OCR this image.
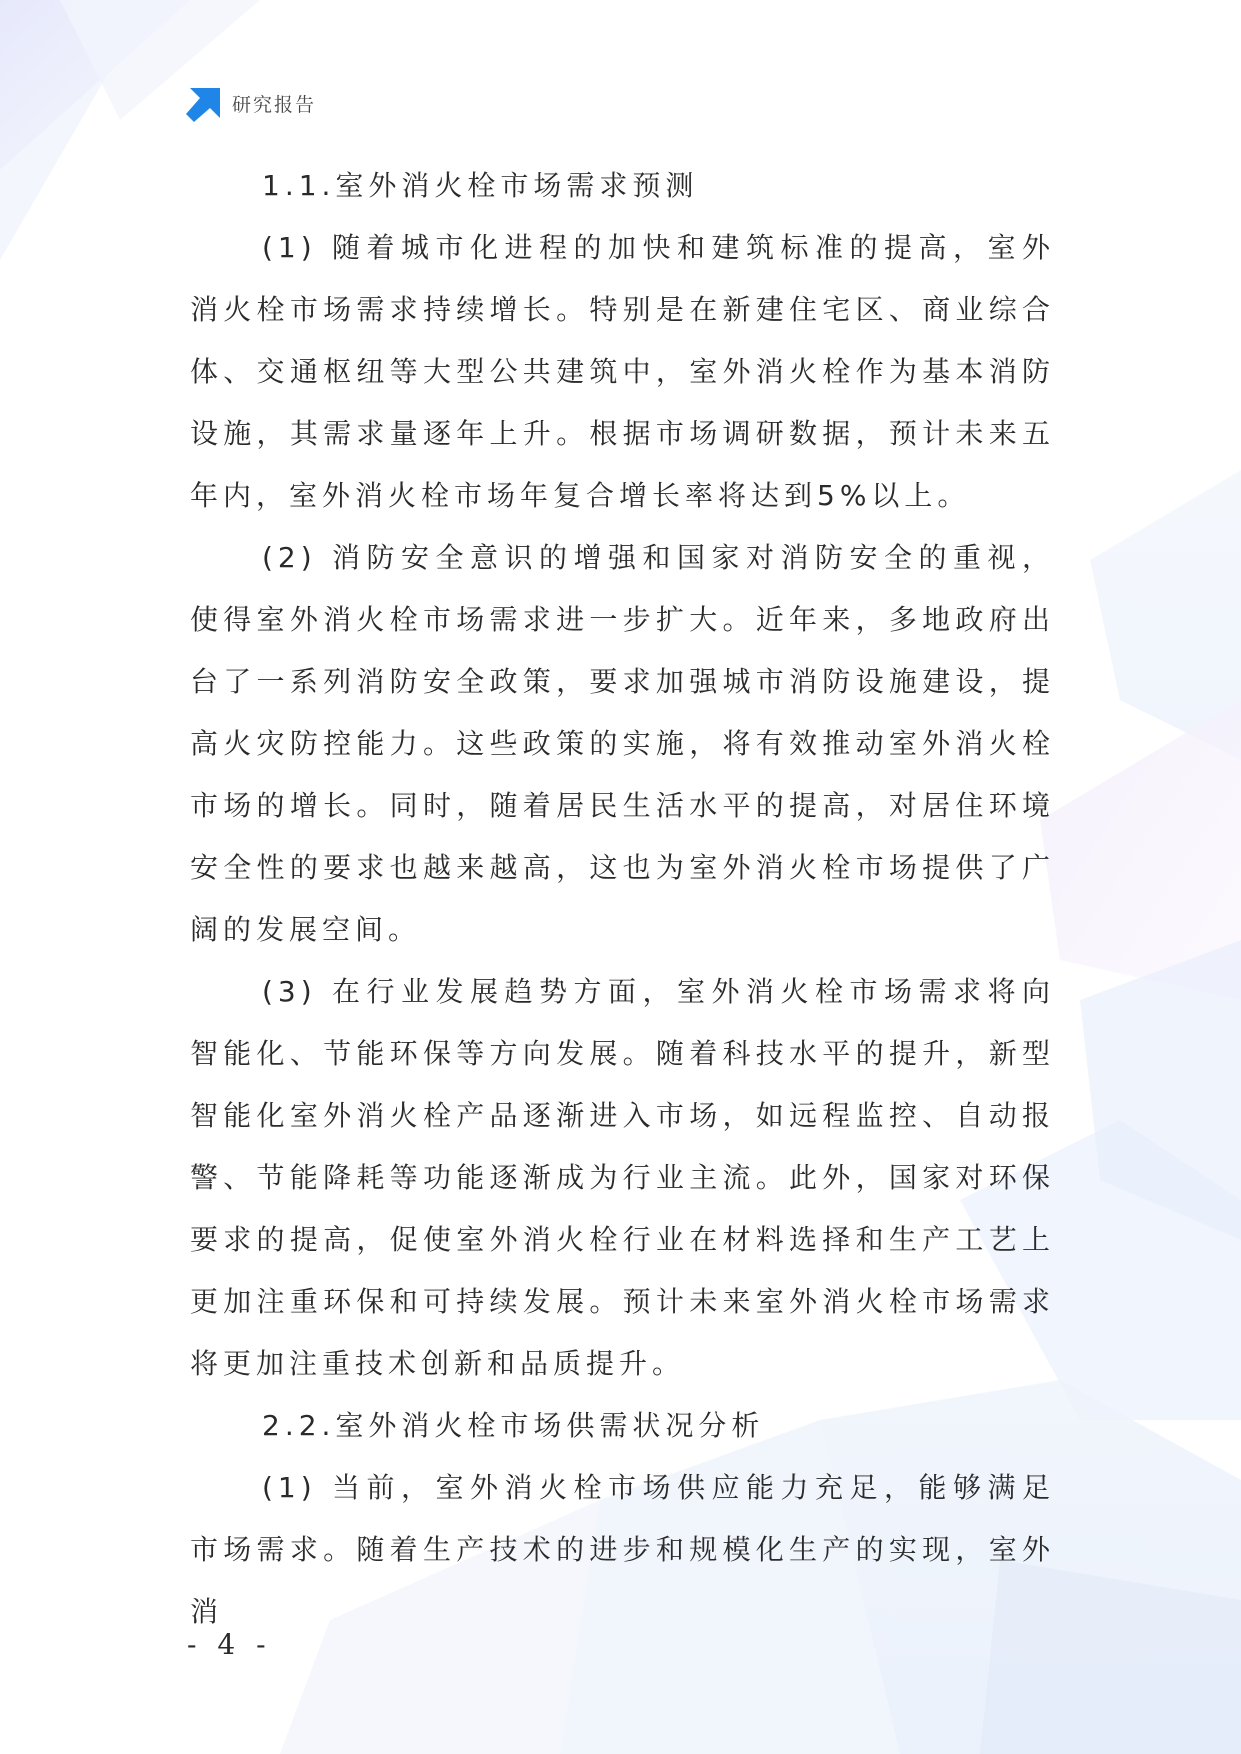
研究报告

1.1.室外消火栓市场需求预测

(1) 随着城市化进程的加快和建筑标准的提高，室外消火栓市场需求持续增长。特别是在新建住宅区、商业综合体、交通枢纽等大型公共建筑中，室外消火栓作为基本消防设施，其需求量逐年上升。根据市场调研数据，预计未来五年内，室外消火栓市场年复合增长率将达到5%以上。

(2) 消防安全意识的增强和国家对消防安全的重视，使得室外消火栓市场需求进一步扩大。近年来，多地政府出台了一系列消防安全政策，要求加强城市消防设施建设，提高火灾防控能力。这些政策的实施，将有效推动室外消火栓市场的增长。同时，随着居民生活水平的提高，对居住环境安全性的要求也越来越高，这也为室外消火栓市场提供了广阔的发展空间。

(3) 在行业发展趋势方面，室外消火栓市场需求将向智能化、节能环保等方向发展。随着科技水平的提升，新型智能化室外消火栓产品逐渐进入市场，如远程监控、自动报警、节能降耗等功能逐渐成为行业主流。此外，国家对环保要求的提高，促使室外消火栓行业在材料选择和生产工艺上更加注重环保和可持续发展。预计未来室外消火栓市场需求将更加注重技术创新和品质提升。

2.2.室外消火栓市场供需状况分析

(1) 当前，室外消火栓市场供应能力充足，能够满足市场需求。随着生产技术的进步和规模化生产的实现，室外消

- 4 -
